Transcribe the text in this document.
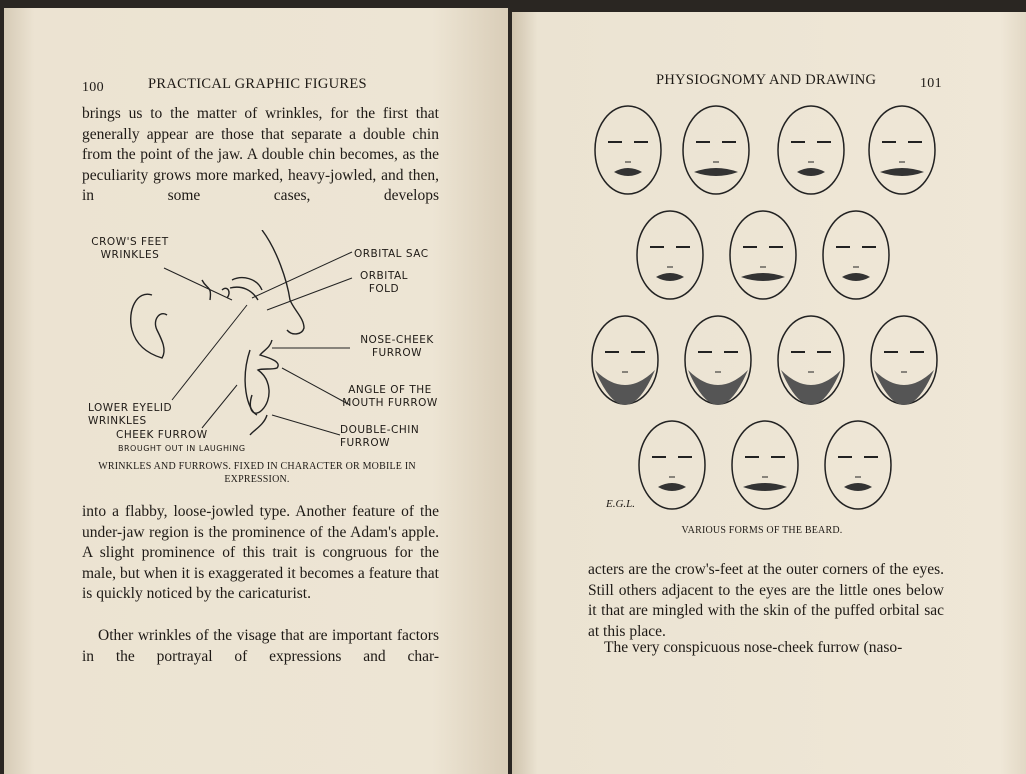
100	PRACTICAL GRAPHIC FIGURES

brings us to the matter of wrinkles, for the first that generally appear are those that separate a double chin from the point of the jaw. A double chin becomes, as the peculiarity grows more marked, heavy-jowled, and then, in some cases, develops

CROW'S FEET WRINKLES	ORBITAL SAC
ORBITAL FOLD
NOSE-CHEEK FURROW
ANGLE OF THE MOUTH FURROW
LOWER EYELID WRINKLES
CHEEK FURROW
BROUGHT OUT IN LAUGHING
DOUBLE-CHIN FURROW
WRINKLES AND FURROWS. FIXED IN CHARACTER OR MOBILE IN EXPRESSION.

into a flabby, loose-jowled type. Another feature of the under-jaw region is the prominence of the Adam's apple. A slight prominence of this trait is congruous for the male, but when it is exaggerated it becomes a feature that is quickly noticed by the caricaturist.

Other wrinkles of the visage that are important factors in the portrayal of expressions and char-

PHYSIOGNOMY AND DRAWING	101
E.G.L.
VARIOUS FORMS OF THE BEARD.

acters are the crow's-feet at the outer corners of the eyes. Still others adjacent to the eyes are the little ones below it that are mingled with the skin of the puffed orbital sac at this place.

The very conspicuous nose-cheek furrow (naso-
